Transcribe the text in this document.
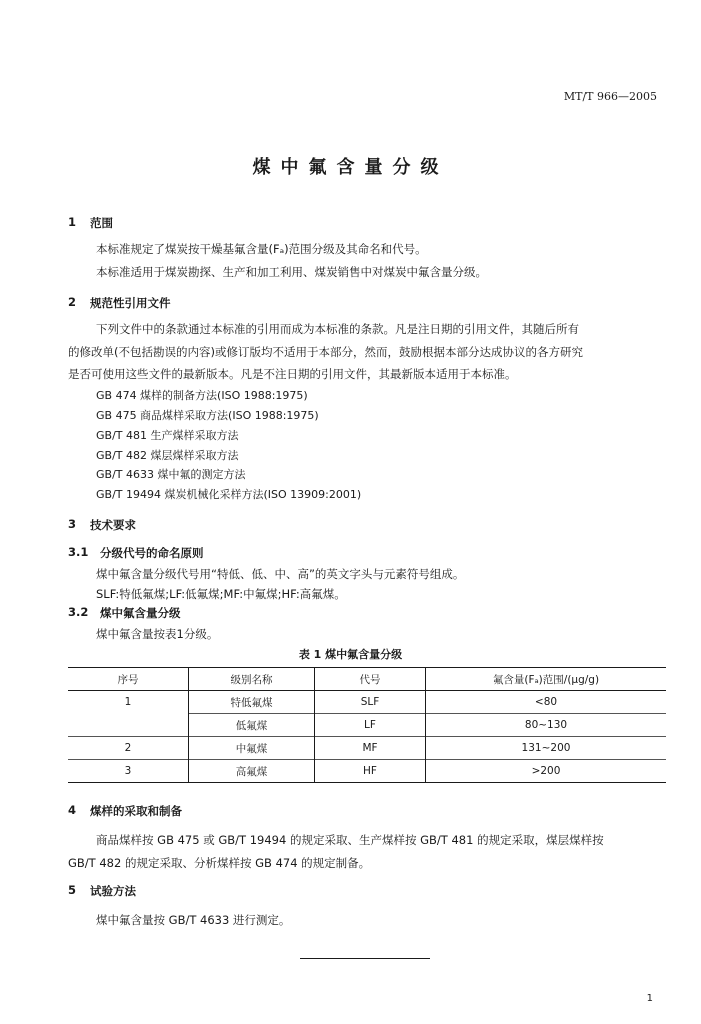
MT/T 966—2005
煤中氟含量分级
1 范围
本标准规定了煤炭按干燥基氟含量(Fₐ)范围分级及其命名和代号。
本标准适用于煤炭勘探、生产和加工利用、煤炭销售中对煤炭中氟含量分级。
2 规范性引用文件
下列文件中的条款通过本标准的引用而成为本标准的条款。凡是注日期的引用文件，其随后所有
的修改单(不包括勘误的内容)或修订版均不适用于本部分，然而，鼓励根据本部分达成协议的各方研究
是否可使用这些文件的最新版本。凡是不注日期的引用文件，其最新版本适用于本标准。
GB 474 煤样的制备方法(ISO 1988:1975)
GB 475 商品煤样采取方法(ISO 1988:1975)
GB/T 481 生产煤样采取方法
GB/T 482 煤层煤样采取方法
GB/T 4633 煤中氟的测定方法
GB/T 19494 煤炭机械化采样方法(ISO 13909:2001)
3 技术要求
3.1 分级代号的命名原则
煤中氟含量分级代号用“特低、低、中、高”的英文字头与元素符号组成。
SLF:特低氟煤;LF:低氟煤;MF:中氟煤;HF:高氟煤。
3.2 煤中氟含量分级
煤中氟含量按表1分级。
表 1 煤中氟含量分级
序号	级别名称	代号	氟含量(Fₐ)范围/(μg/g)
1	特低氟煤	SLF	<80
	低氟煤	LF	80~130
2	中氟煤	MF	131~200
3	高氟煤	HF	>200
4 煤样的采取和制备
商品煤样按 GB 475 或 GB/T 19494 的规定采取、生产煤样按 GB/T 481 的规定采取，煤层煤样按
GB/T 482 的规定采取、分析煤样按 GB 474 的规定制备。
5 试验方法
煤中氟含量按 GB/T 4633 进行测定。
1
